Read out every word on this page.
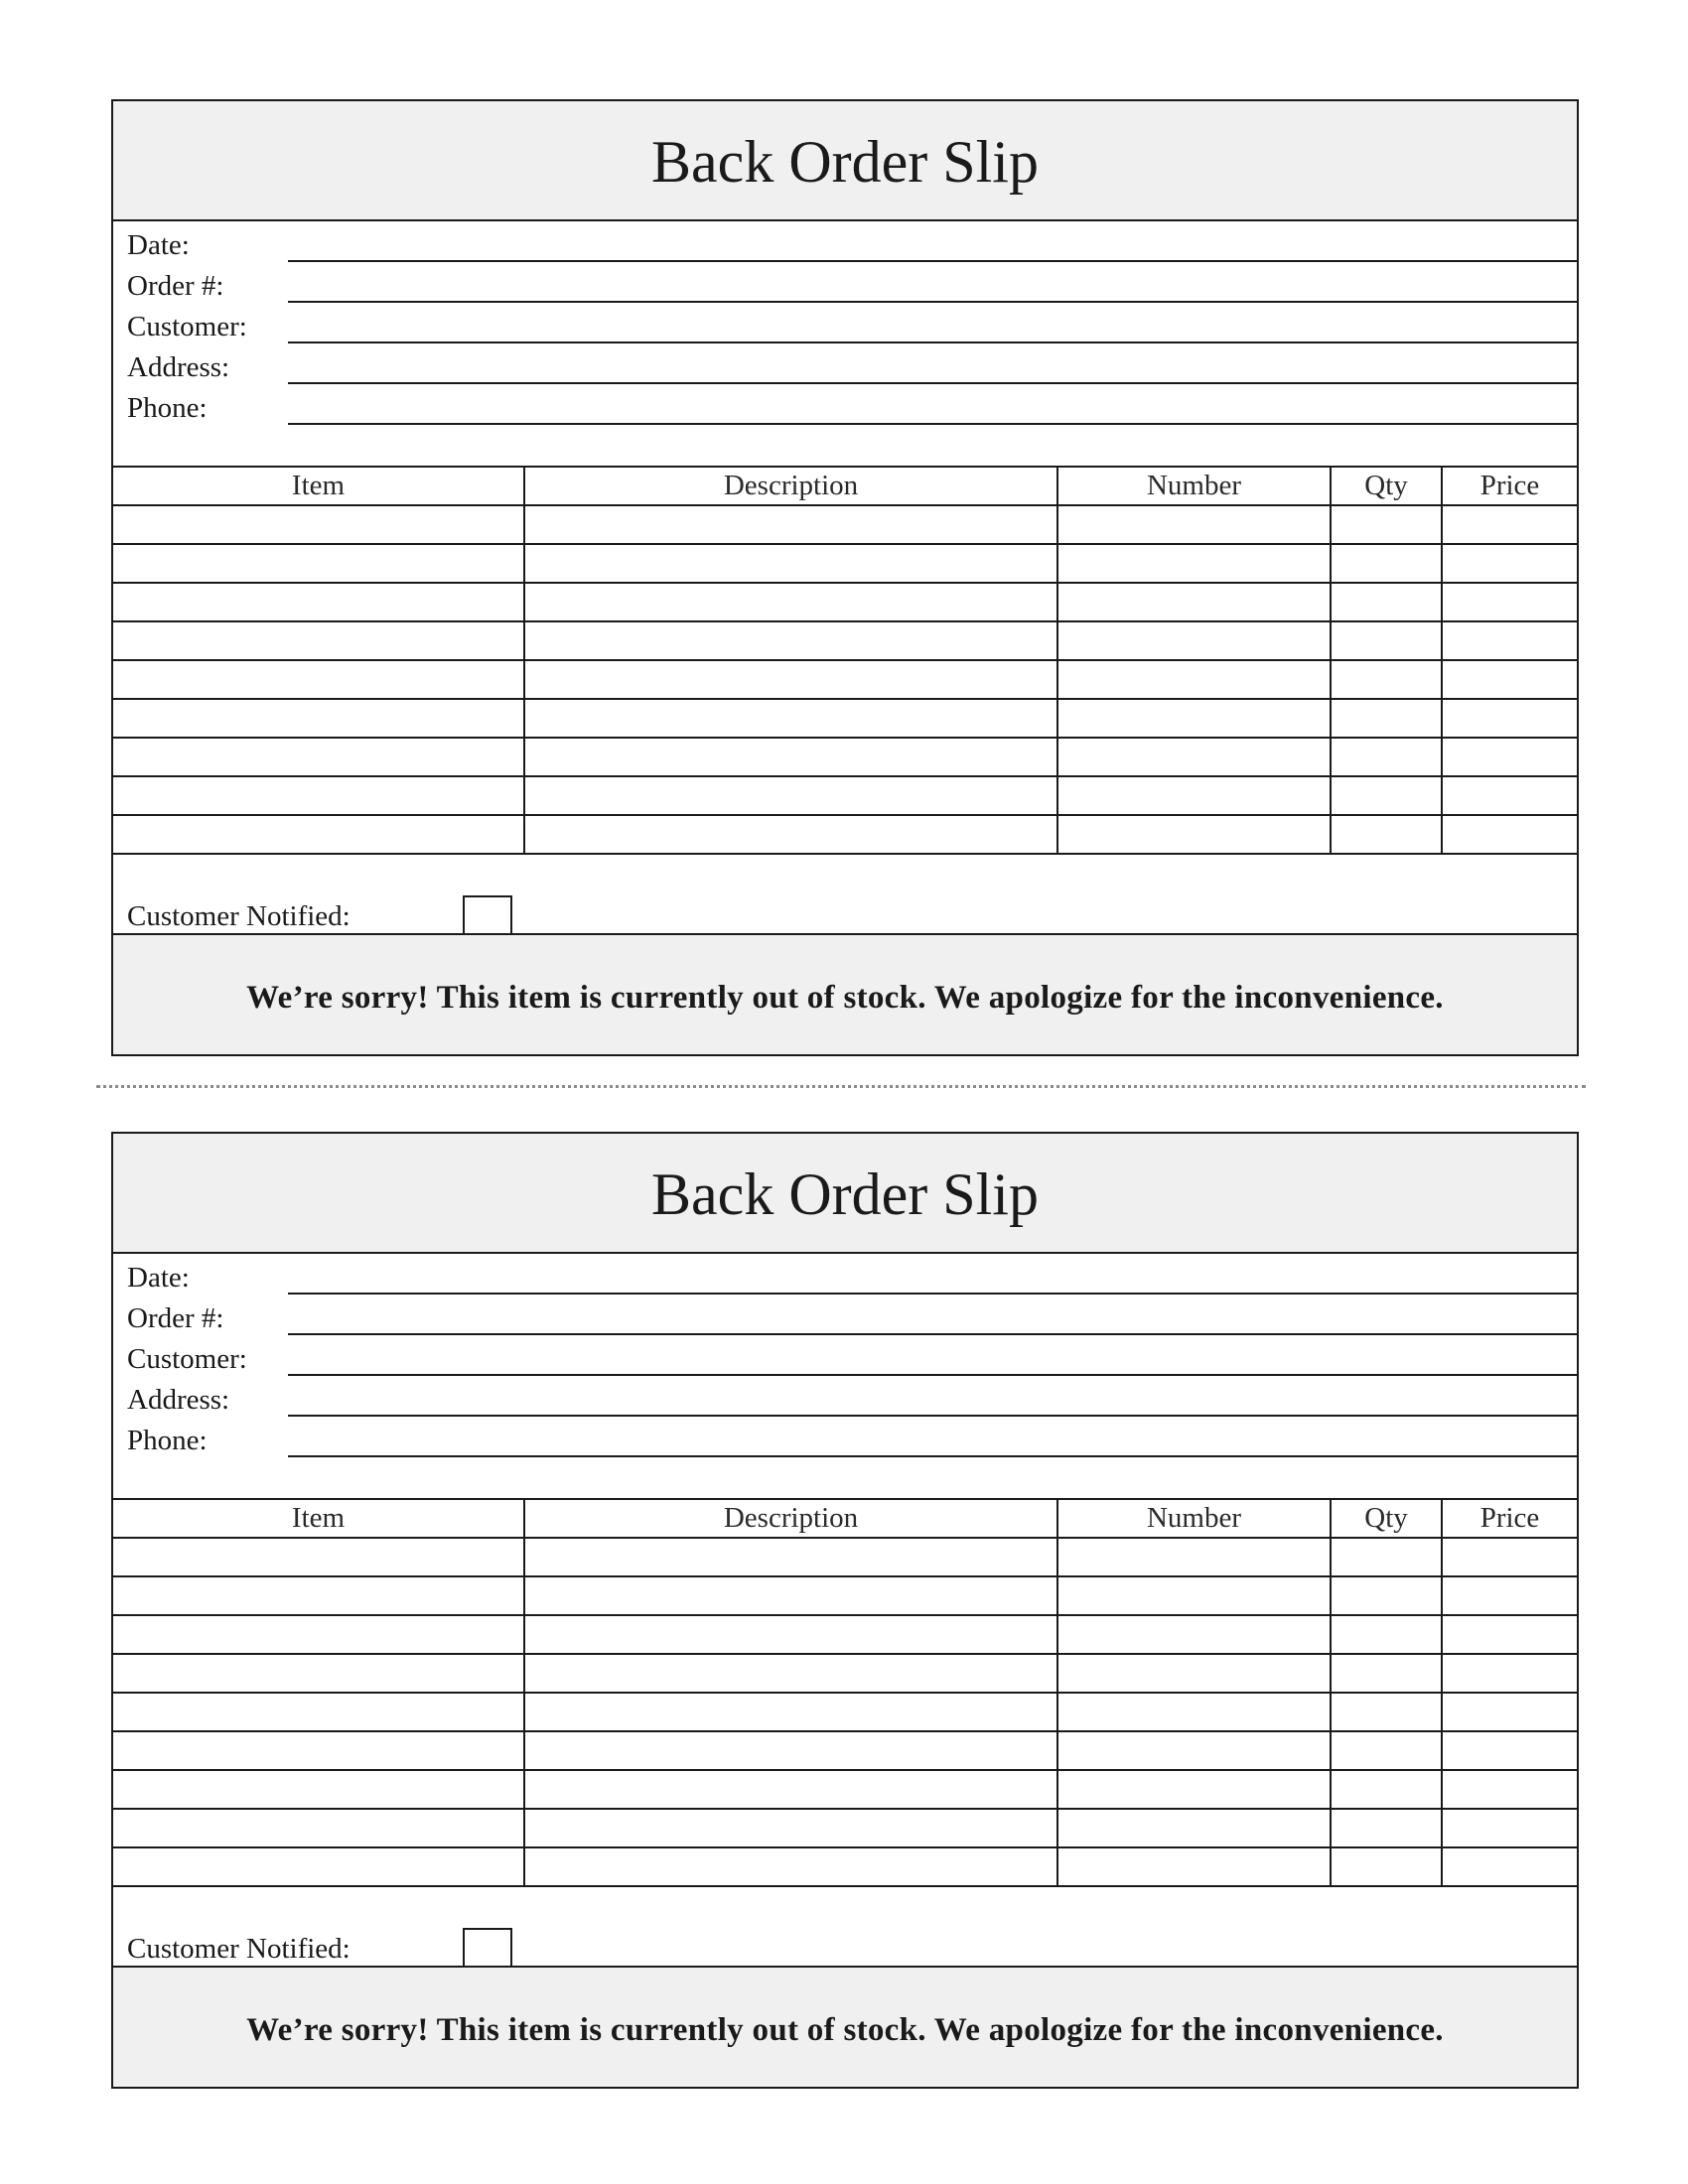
Back Order Slip
Date:
Order #:
Customer:
Address:
Phone:
Item	Description	Number	Qty	Price

Customer Notified:
We’re sorry! This item is currently out of stock. We apologize for the inconvenience.
Back Order Slip
Date:
Order #:
Customer:
Address:
Phone:
Item	Description	Number	Qty	Price

Customer Notified:
We’re sorry! This item is currently out of stock. We apologize for the inconvenience.
